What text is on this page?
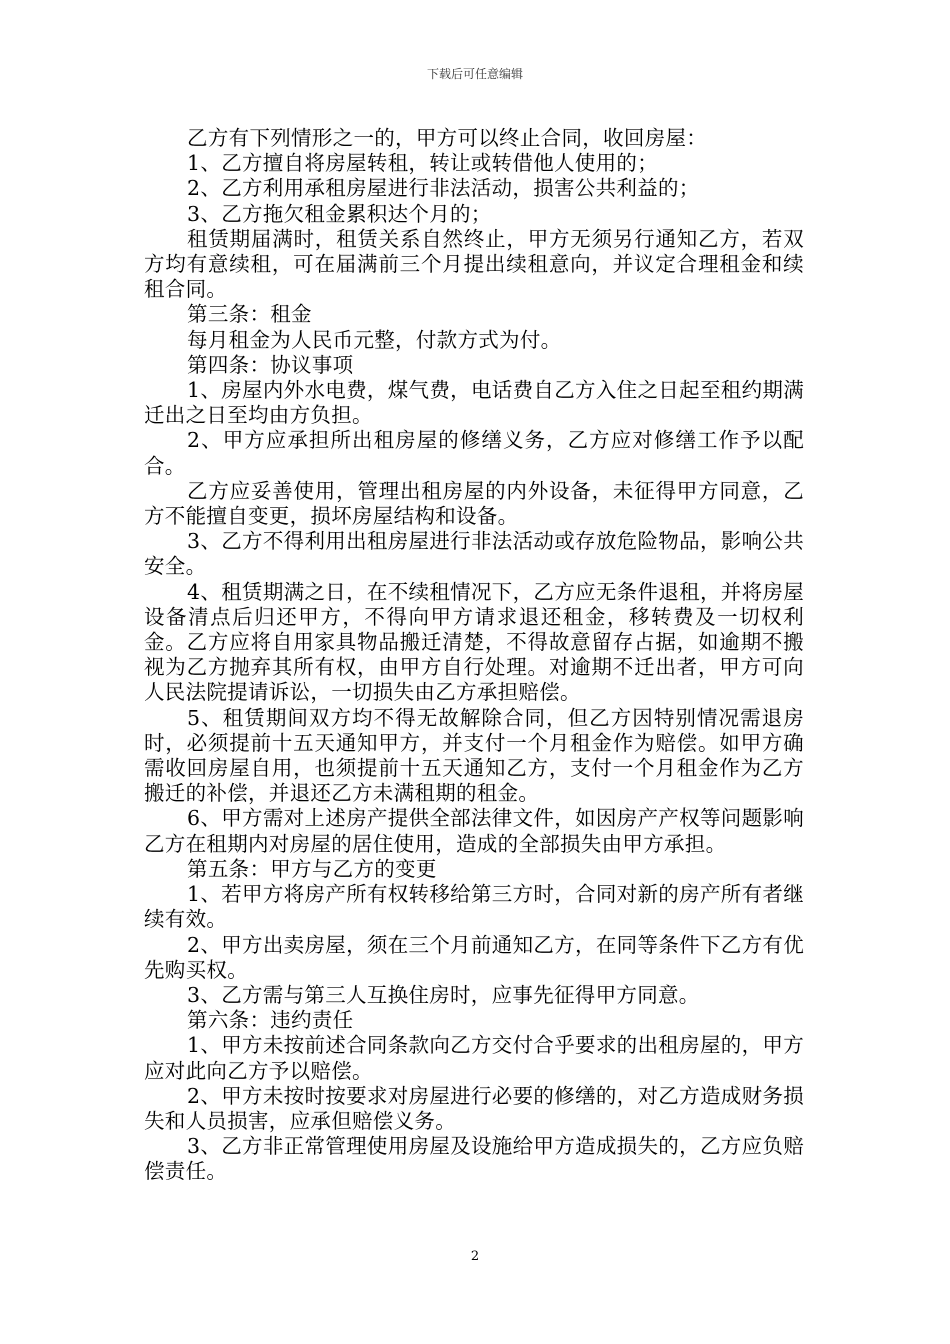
下载后可任意编辑

乙方有下列情形之一的，甲方可以终止合同，收回房屋：

1、乙方擅自将房屋转租，转让或转借他人使用的；

2、乙方利用承租房屋进行非法活动，损害公共利益的；

3、乙方拖欠租金累积达个月的；

租赁期届满时，租赁关系自然终止，甲方无须另行通知乙方，若双方均有意续租，可在届满前三个月提出续租意向，并议定合理租金和续租合同。

第三条：租金

每月租金为人民币元整，付款方式为付。

第四条：协议事项

1、房屋内外水电费，煤气费，电话费自乙方入住之日起至租约期满迁出之日至均由方负担。

2、甲方应承担所出租房屋的修缮义务，乙方应对修缮工作予以配合。

乙方应妥善使用，管理出租房屋的内外设备，未征得甲方同意，乙方不能擅自变更，损坏房屋结构和设备。

3、乙方不得利用出租房屋进行非法活动或存放危险物品，影响公共安全。

4、租赁期满之日，在不续租情况下，乙方应无条件退租，并将房屋设备清点后归还甲方，不得向甲方请求退还租金，移转费及一切权利金。乙方应将自用家具物品搬迁清楚，不得故意留存占据，如逾期不搬视为乙方抛弃其所有权，由甲方自行处理。对逾期不迁出者，甲方可向人民法院提请诉讼，一切损失由乙方承担赔偿。

5、租赁期间双方均不得无故解除合同，但乙方因特别情况需退房时，必须提前十五天通知甲方，并支付一个月租金作为赔偿。如甲方确需收回房屋自用，也须提前十五天通知乙方，支付一个月租金作为乙方搬迁的补偿，并退还乙方未满租期的租金。

6、甲方需对上述房产提供全部法律文件，如因房产产权等问题影响乙方在租期内对房屋的居住使用，造成的全部损失由甲方承担。

第五条：甲方与乙方的变更

1、若甲方将房产所有权转移给第三方时，合同对新的房产所有者继续有效。

2、甲方出卖房屋，须在三个月前通知乙方，在同等条件下乙方有优先购买权。

3、乙方需与第三人互换住房时，应事先征得甲方同意。

第六条：违约责任

1、甲方未按前述合同条款向乙方交付合乎要求的出租房屋的，甲方应对此向乙方予以赔偿。

2、甲方未按时按要求对房屋进行必要的修缮的，对乙方造成财务损失和人员损害，应承但赔偿义务。

3、乙方非正常管理使用房屋及设施给甲方造成损失的，乙方应负赔偿责任。

2
